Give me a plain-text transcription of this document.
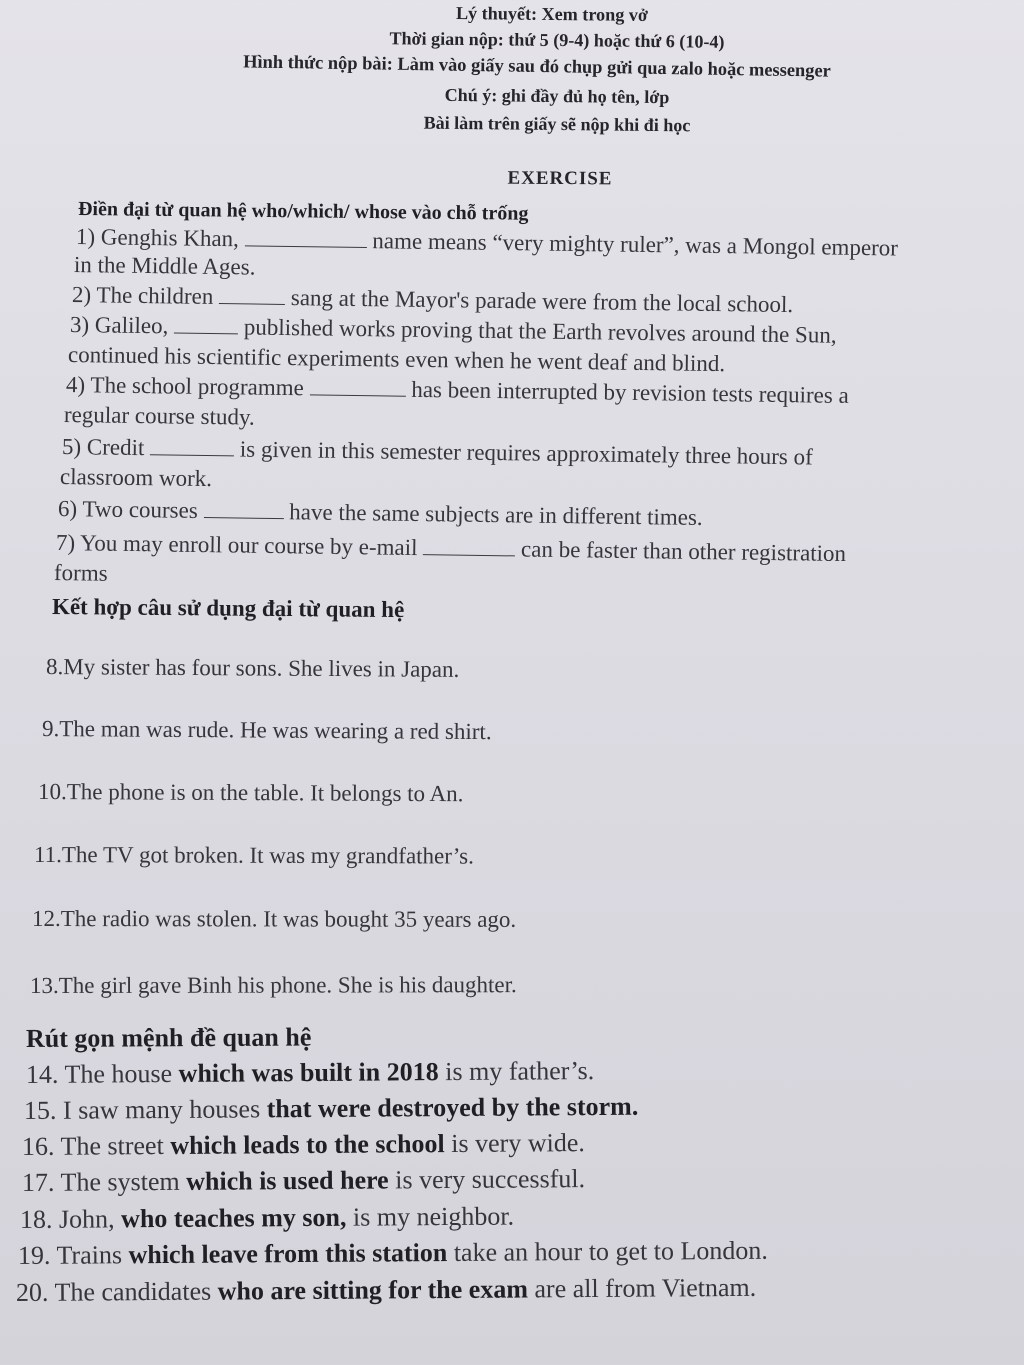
Lý thuyết: Xem trong vở
Thời gian nộp: thứ 5 (9-4) hoặc thứ 6 (10-4)
Hình thức nộp bài: Làm vào giấy sau đó chụp gửi qua zalo hoặc messenger
Chú ý: ghi đầy đủ họ tên, lớp
Bài làm trên giấy sẽ nộp khi đi học
EXERCISE
Điền đại từ quan hệ who/which/ whose vào chỗ trống
1) Genghis Khan,	name means “very mighty ruler”, was a Mongol emperor
in the Middle Ages.
2) The children	sang at the Mayor's parade were from the local school.
3) Galileo,	published works proving that the Earth revolves around the Sun,
continued his scientific experiments even when he went deaf and blind.
4) The school programme	has been interrupted by revision tests requires a
regular course study.
5) Credit	is given in this semester requires approximately three hours of
classroom work.
6) Two courses	have the same subjects are in different times.
7) You may enroll our course by e-mail	can be faster than other registration
forms
Kết hợp câu sử dụng đại từ quan hệ
8.My sister has four sons. She lives in Japan.
9.The man was rude. He was wearing a red shirt.
10.The phone is on the table. It belongs to An.
11.The TV got broken. It was my grandfather’s.
12.The radio was stolen. It was bought 35 years ago.
13.The girl gave Binh his phone. She is his daughter.
Rút gọn mệnh đề quan hệ
14. The house which was built in 2018 is my father’s.
15. I saw many houses that were destroyed by the storm.
16. The street which leads to the school is very wide.
17. The system which is used here is very successful.
18. John, who teaches my son, is my neighbor.
19. Trains which leave from this station take an hour to get to London.
20. The candidates who are sitting for the exam are all from Vietnam.
